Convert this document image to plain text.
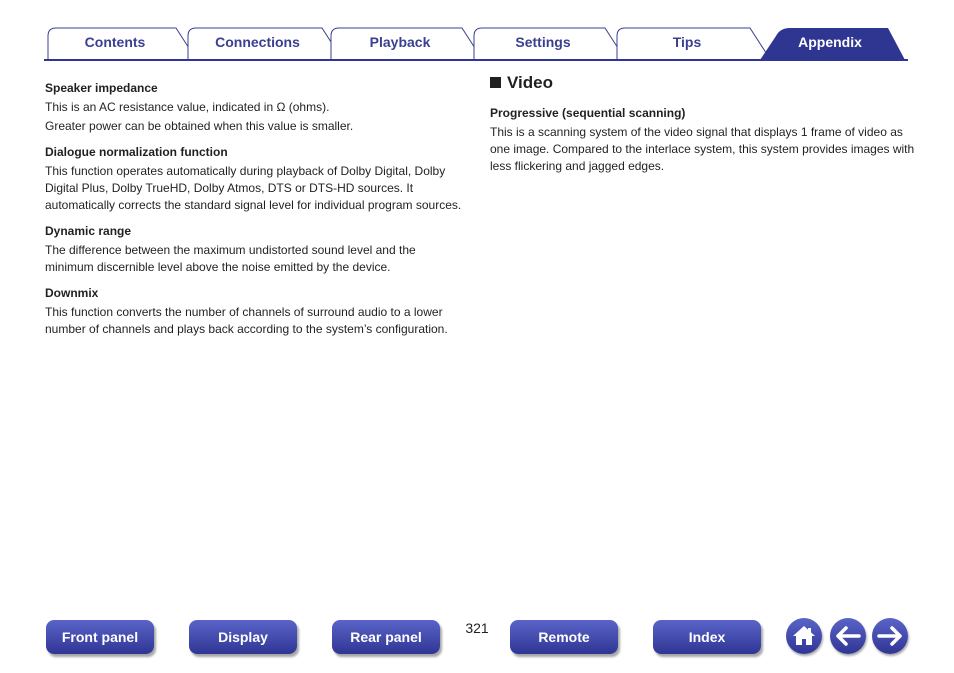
Contents	Connections	Playback	Settings	Tips	Appendix

Speaker impedance

This is an AC resistance value, indicated in Ω (ohms).

Greater power can be obtained when this value is smaller.

Dialogue normalization function

This function operates automatically during playback of Dolby Digital, Dolby Digital Plus, Dolby TrueHD, Dolby Atmos, DTS or DTS-HD sources. It automatically corrects the standard signal level for individual program sources.

Dynamic range

The difference between the maximum undistorted sound level and the minimum discernible level above the noise emitted by the device.

Downmix

This function converts the number of channels of surround audio to a lower number of channels and plays back according to the system’s configuration.

Video

Progressive (sequential scanning)

This is a scanning system of the video signal that displays 1 frame of video as one image. Compared to the interlace system, this system provides images with less flickering and jagged edges.

Front panel	Display	Rear panel
321
Remote	Index
